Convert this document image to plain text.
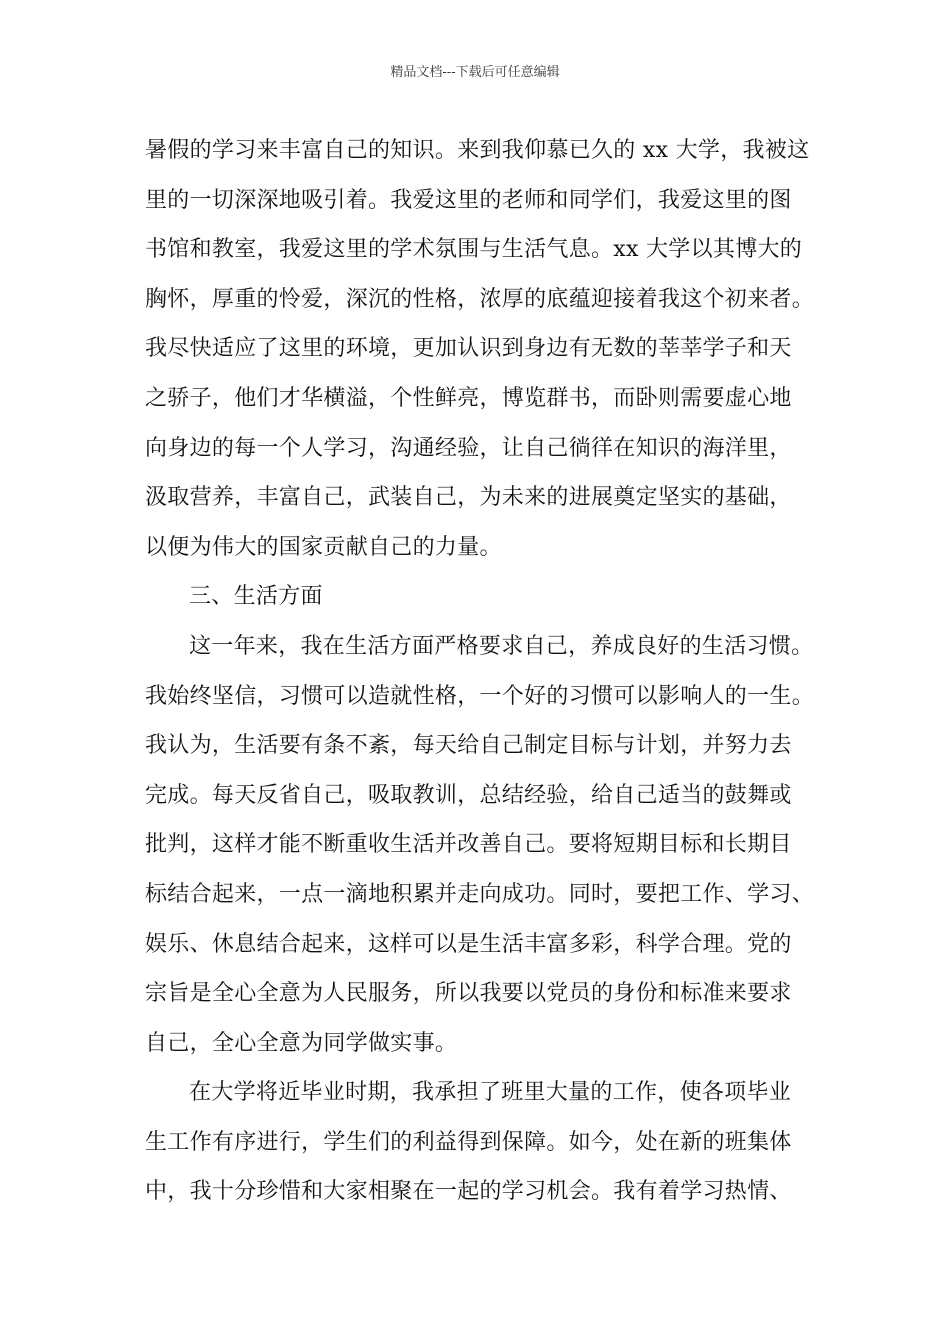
精品文档---下载后可任意编辑
暑假的学习来丰富自己的知识。来到我仰慕已久的 xx 大学，我被这
里的一切深深地吸引着。我爱这里的老师和同学们，我爱这里的图
书馆和教室，我爱这里的学术氛围与生活气息。xx 大学以其博大的
胸怀，厚重的怜爱，深沉的性格，浓厚的底蕴迎接着我这个初来者。
我尽快适应了这里的环境，更加认识到身边有无数的莘莘学子和天
之骄子，他们才华横溢，个性鲜亮，博览群书，而卧则需要虚心地
向身边的每一个人学习，沟通经验，让自己徜徉在知识的海洋里，
汲取营养，丰富自己，武装自己，为未来的进展奠定坚实的基础，
以便为伟大的国家贡献自己的力量。
三、生活方面
这一年来，我在生活方面严格要求自己，养成良好的生活习惯。
我始终坚信，习惯可以造就性格，一个好的习惯可以影响人的一生。
我认为，生活要有条不紊，每天给自己制定目标与计划，并努力去
完成。每天反省自己，吸取教训，总结经验，给自己适当的鼓舞或
批判，这样才能不断重收生活并改善自己。要将短期目标和长期目
标结合起来，一点一滴地积累并走向成功。同时，要把工作、学习、
娱乐、休息结合起来，这样可以是生活丰富多彩，科学合理。党的
宗旨是全心全意为人民服务，所以我要以党员的身份和标准来要求
自己，全心全意为同学做实事。
在大学将近毕业时期，我承担了班里大量的工作，使各项毕业
生工作有序进行，学生们的利益得到保障。如今，处在新的班集体
中，我十分珍惜和大家相聚在一起的学习机会。我有着学习热情、
